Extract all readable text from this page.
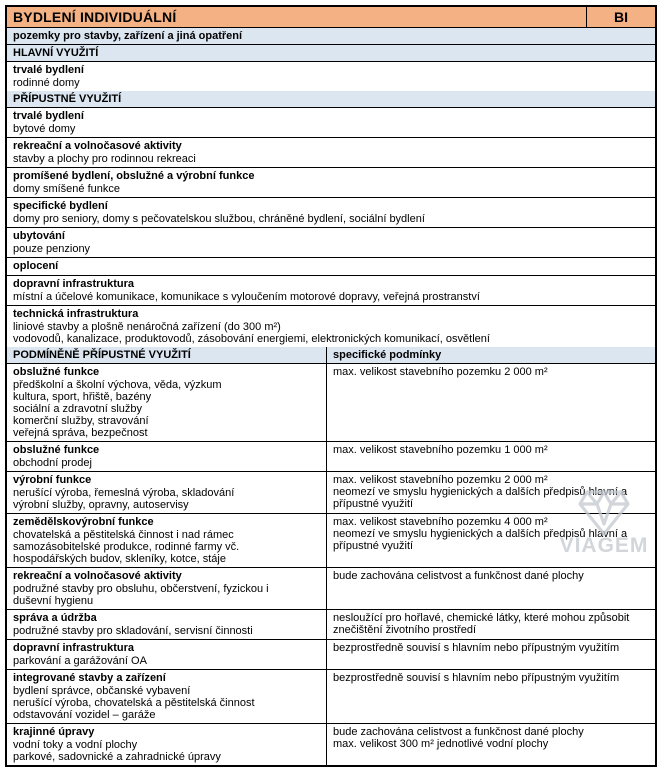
BYDLENÍ INDIVIDUÁLNÍ	BI
pozemky pro stavby, zařízení a jiná opatření
HLAVNÍ VYUŽITÍ
trvalé bydlení
rodinné domy
PŘÍPUSTNÉ VYUŽITÍ
trvalé bydlení
bytové domy
rekreační a volnočasové aktivity
stavby a plochy pro rodinnou rekreaci
promíšené bydlení, obslužné a výrobní funkce
domy smíšené funkce
specifické bydlení
domy pro seniory, domy s pečovatelskou službou, chráněné bydlení, sociální bydlení
ubytování
pouze penziony
oplocení
dopravní infrastruktura
místní a účelové komunikace, komunikace s vyloučením motorové dopravy, veřejná prostranství
technická infrastruktura
liniové stavby a plošně nenáročná zařízení (do 300 m²)
vodovodů, kanalizace, produktovodů, zásobování energiemi, elektronických komunikací, osvětlení
PODMÍNĚNĚ PŘÍPUSTNÉ VYUŽITÍ	specifické podmínky
obslužné funkce
předškolní a školní výchova, věda, výzkum
kultura, sport, hřiště, bazény
sociální a zdravotní služby
komerční služby, stravování
veřejná správa, bezpečnost
max. velikost stavebního pozemku 2 000 m²
obslužné funkce
obchodní prodej
max. velikost stavebního pozemku 1 000 m²
výrobní funkce
nerušící výroba, řemeslná výroba, skladování
výrobní služby, opravny, autoservisy
max. velikost stavebního pozemku 2 000 m²
neomezí ve smyslu hygienických a dalších předpisů hlavní a
přípustné využití
zemědělskovýrobní funkce
chovatelská a pěstitelská činnost i nad rámec
samozásobitelské produkce, rodinné farmy vč.
hospodářských budov, skleníky, kotce, stáje
max. velikost stavebního pozemku 4 000 m²
neomezí ve smyslu hygienických a dalších předpisů hlavní a
přípustné využití
rekreační a volnočasové aktivity
podružné stavby pro obsluhu, občerstvení, fyzickou i
duševní hygienu
bude zachována celistvost a funkčnost dané plochy
správa a údržba
podružné stavby pro skladování, servisní činnosti
nesloužící pro hořlavé, chemické látky, které mohou způsobit
znečištění životního prostředí
dopravní infrastruktura
parkování a garážování OA
bezprostředně souvisí s hlavním nebo přípustným využitím
integrované stavby a zařízení
bydlení správce, občanské vybavení
nerušící výroba, chovatelská a pěstitelská činnost
odstavování vozidel – garáže
bezprostředně souvisí s hlavním nebo přípustným využitím
krajinné úpravy
vodní toky a vodní plochy
parkové, sadovnické a zahradnické úpravy
bude zachována celistvost a funkčnost dané plochy
max. velikost 300 m² jednotlivé vodní plochy
VIAGEM
